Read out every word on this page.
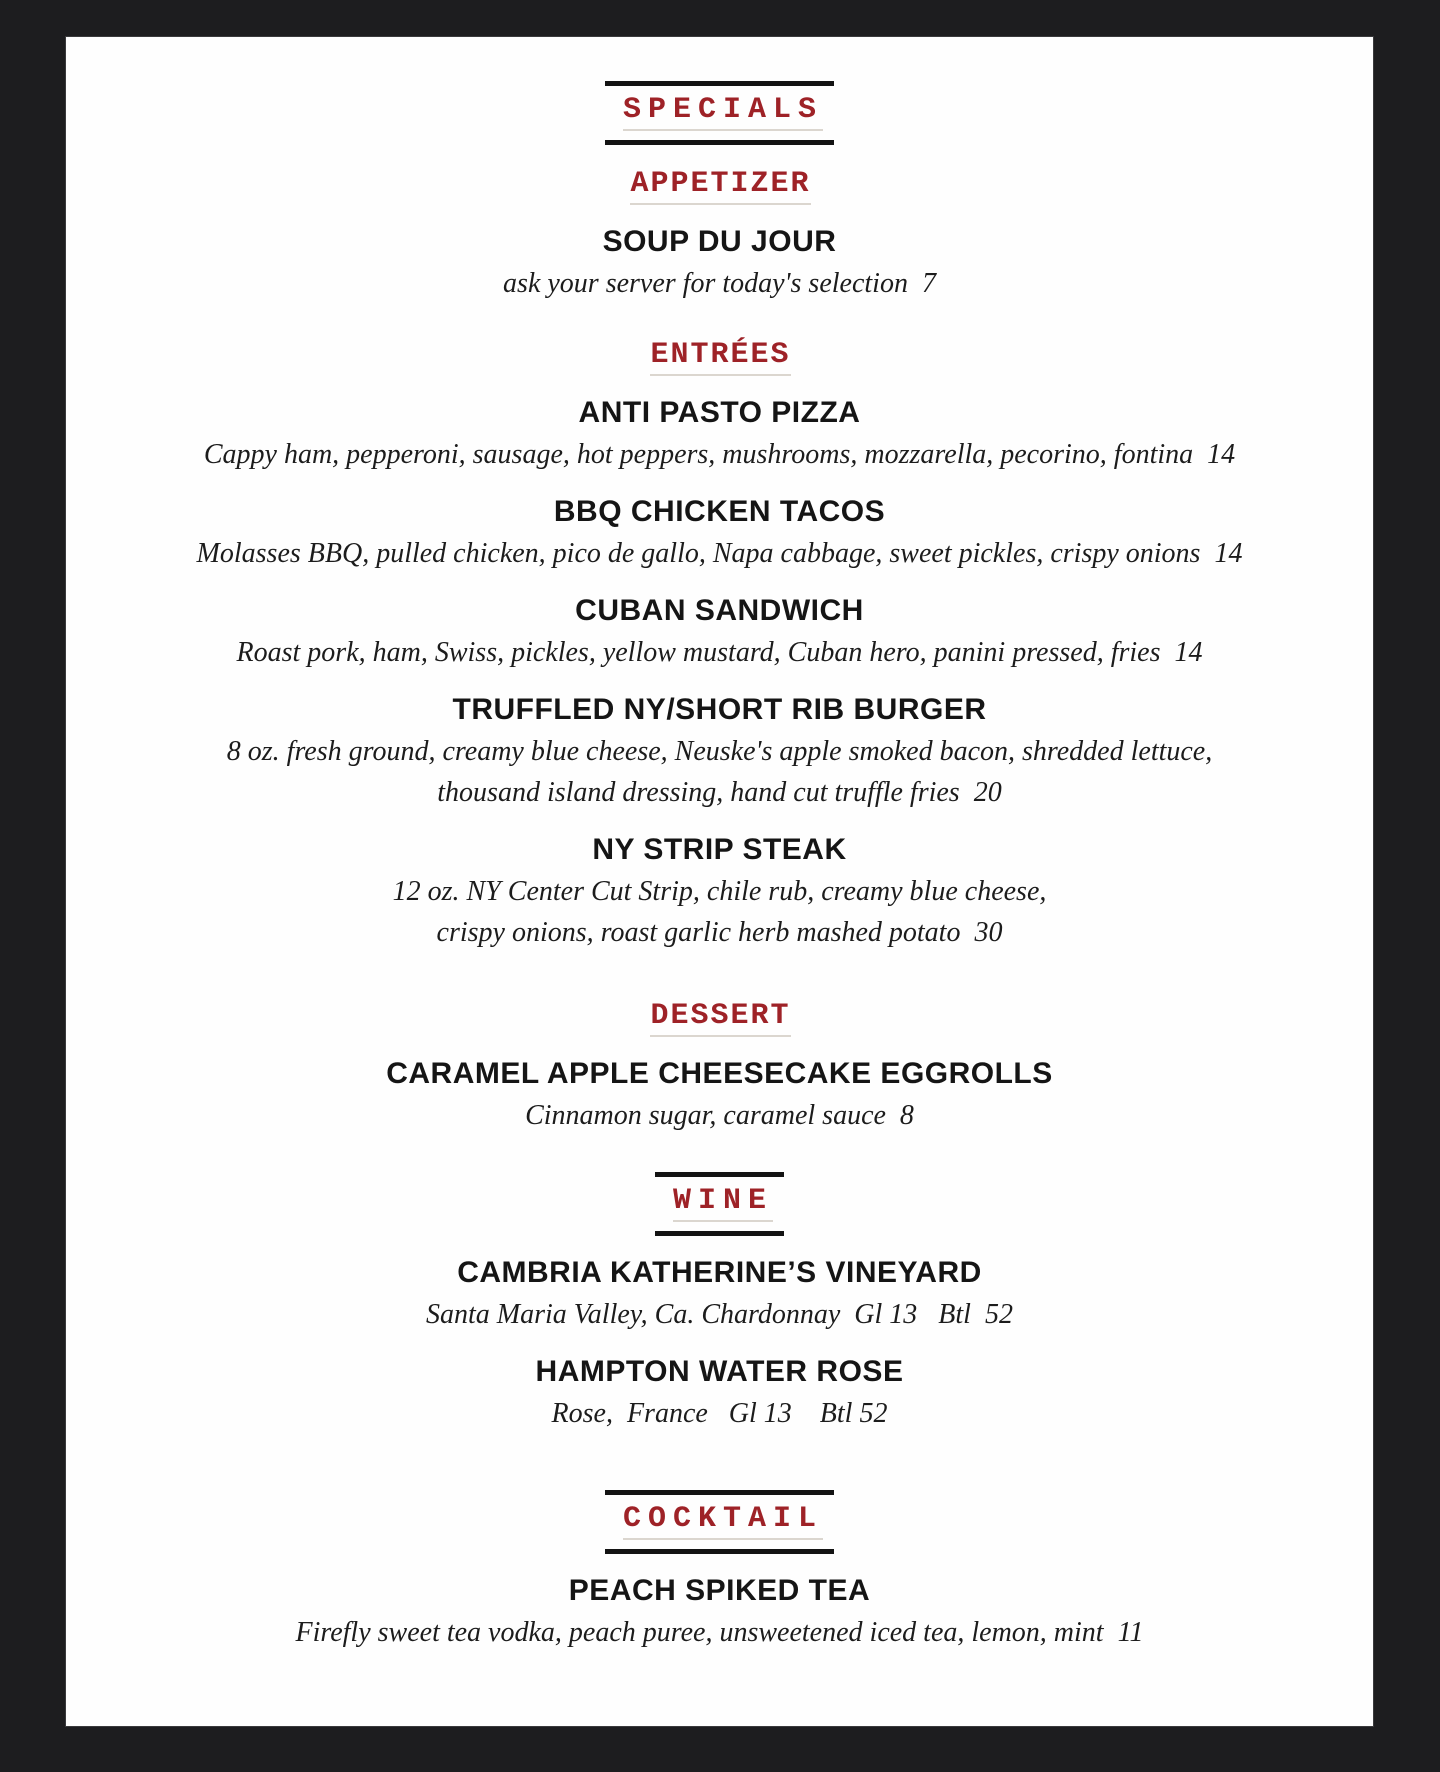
SPECIALS
APPETIZER
SOUP DU JOUR
ask your server for today's selection  7
ENTRÉES
ANTI PASTO PIZZA
Cappy ham, pepperoni, sausage, hot peppers, mushrooms, mozzarella, pecorino, fontina  14
BBQ CHICKEN TACOS
Molasses BBQ, pulled chicken, pico de gallo, Napa cabbage, sweet pickles, crispy onions  14
CUBAN SANDWICH
Roast pork, ham, Swiss, pickles, yellow mustard, Cuban hero, panini pressed, fries  14
TRUFFLED NY/SHORT RIB BURGER
8 oz. fresh ground, creamy blue cheese, Neuske's apple smoked bacon, shredded lettuce,
thousand island dressing, hand cut truffle fries  20
NY STRIP STEAK
12 oz. NY Center Cut Strip, chile rub, creamy blue cheese,
crispy onions, roast garlic herb mashed potato  30
DESSERT
CARAMEL APPLE CHEESECAKE EGGROLLS
Cinnamon sugar, caramel sauce  8
WINE
CAMBRIA KATHERINE’S VINEYARD
Santa Maria Valley, Ca. Chardonnay  Gl 13   Btl  52
HAMPTON WATER ROSE
Rose,  France   Gl 13    Btl 52
COCKTAIL
PEACH SPIKED TEA
Firefly sweet tea vodka, peach puree, unsweetened iced tea, lemon, mint  11
